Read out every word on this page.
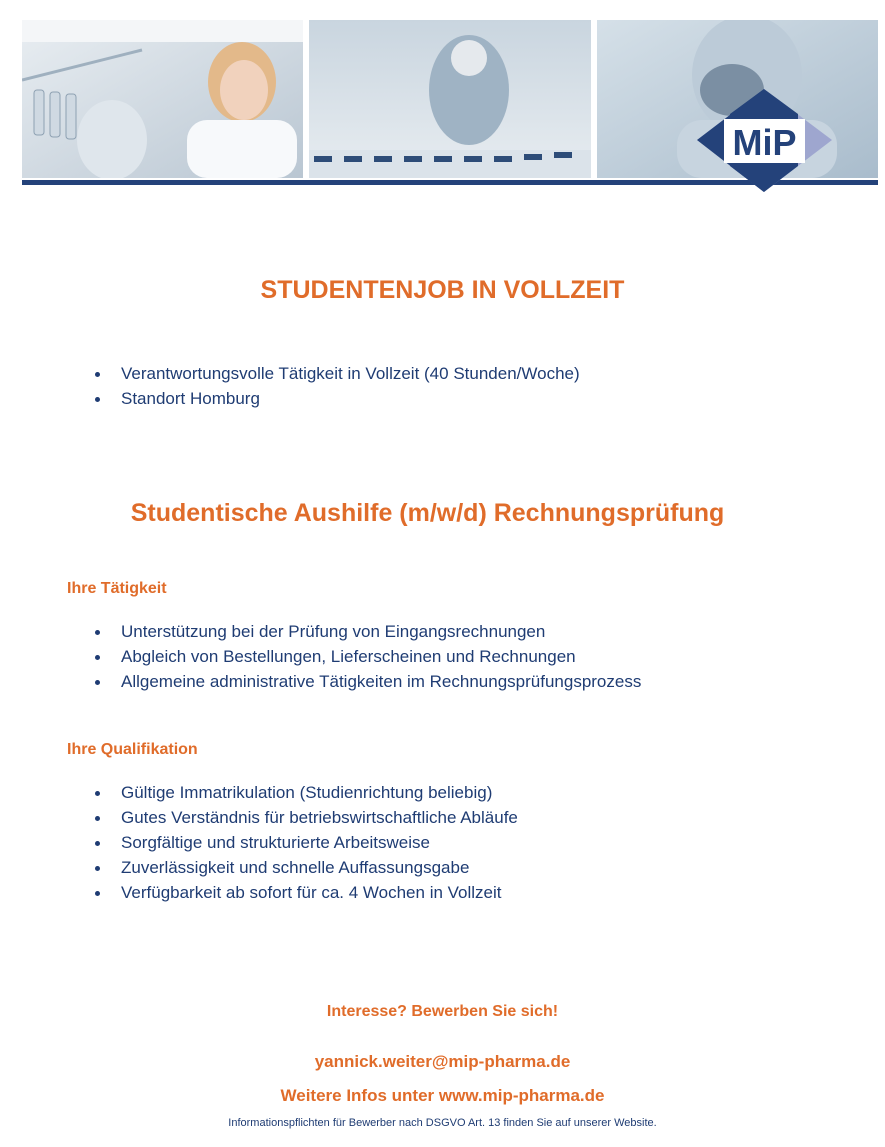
MiP
STUDENTENJOB IN VOLLZEIT
Verantwortungsvolle Tätigkeit in Vollzeit (40 Stunden/Woche)
Standort Homburg
Studentische Aushilfe (m/w/d) Rechnungsprüfung
Ihre Tätigkeit
Unterstützung bei der Prüfung von Eingangsrechnungen
Abgleich von Bestellungen, Lieferscheinen und Rechnungen
Allgemeine administrative Tätigkeiten im Rechnungsprüfungsprozess
Ihre Qualifikation
Gültige Immatrikulation (Studienrichtung beliebig)
Gutes Verständnis für betriebswirtschaftliche Abläufe
Sorgfältige und strukturierte Arbeitsweise
Zuverlässigkeit und schnelle Auffassungsgabe
Verfügbarkeit ab sofort für ca. 4 Wochen in Vollzeit

Interesse? Bewerben Sie sich!

yannick.weiter@mip-pharma.de

Weitere Infos unter www.mip-pharma.de

Informationspflichten für Bewerber nach DSGVO Art. 13 finden Sie auf unserer Website.
